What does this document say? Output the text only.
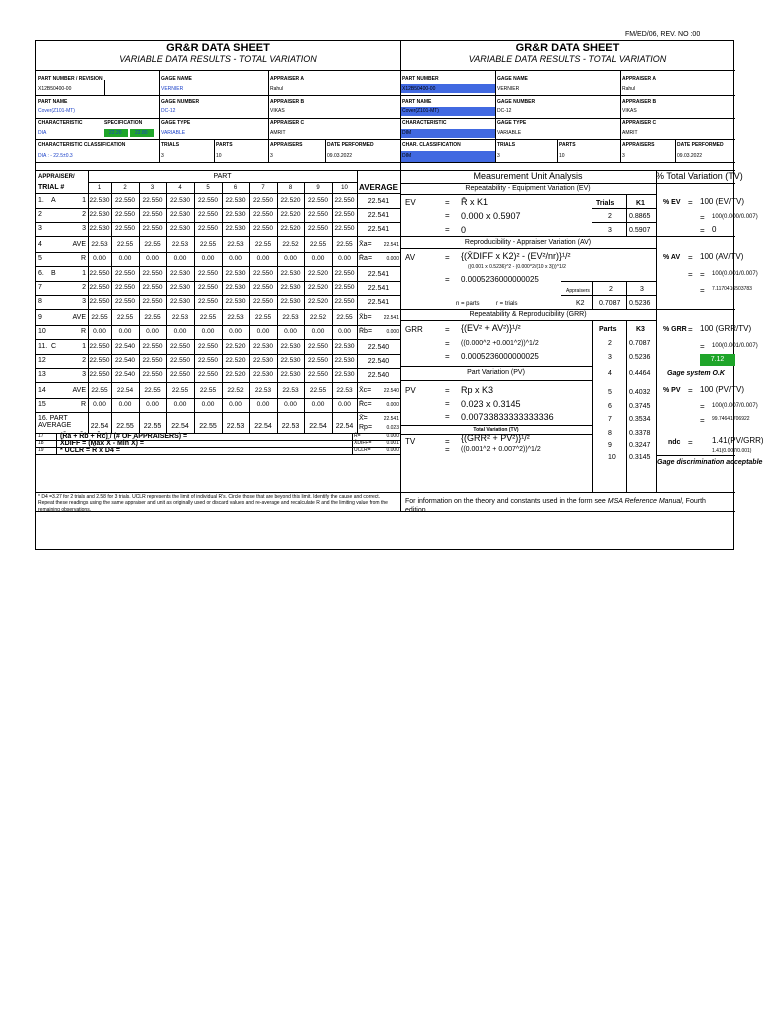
FM/ED/06, REV. NO :00
GR&R DATA SHEET
VARIABLE DATA RESULTS - TOTAL VARIATION
GR&R DATA SHEET
VARIABLE DATA RESULTS - TOTAL VARIATION
PART NUMBER / REVISION	GAGE NAME	APPRAISER A
X12B50400-00	VERNIER	Rahul
PART NAME	GAGE NUMBER	APPRAISER B
Cover(Z101-MT)	DC-12	VIKAS
CHARACTERISTIC	SPECIFICATION	GAGE TYPE	APPRAISER C
DIA	22.20	22.80	VARIABLE	AMRIT
CHARACTERISTIC CLASSIFICATION	TRIALS	PARTS	APPRAISERS	DATE PERFORMED
DIA : - 22.5±0.3	3	10	3	09.03.2022
PART NUMBER	GAGE NAME	APPRAISER A
X12B50400-00	VERNIER	Rahul
PART NAME	GAGE NUMBER	APPRAISER B
Cover(Z101-MT)	DC-12	VIKAS
CHARACTERISTIC	GAGE TYPE	APPRAISER C
DIM	VARIABLE	AMRIT
CHAR. CLASSIFICATION	TRIALS	PARTS	APPRAISERS	DATE PERFORMED
DIM	3	10	3	09.03.2022
APPRAISER/
TRIAL #
PART
AVERAGE
1	2	3	4	5	6	7	8	9	10
1. A	1 22.530 22.550	22.550	22.530	22.550	22.530	22.550	22.520	22.550	22.550	22.541
2	2 22.530 22.550	22.550	22.530	22.550	22.530	22.550	22.520	22.550	22.550	22.541
3	3 22.530 22.550	22.550	22.530	22.550	22.530	22.550	22.520	22.550	22.550	22.541
4	AVE 22.53	22.55	22.55	22.53	22.55	22.53	22.55	22.52	22.55	22.55 X̄a=	22.541
5	R	0.00	0.00	0.00	0.00	0.00	0.00	0.00	0.00	0.00	0.00	R̄a=	0.000
6. B	1 22.550 22.550	22.550	22.530	22.550	22.530	22.550	22.530	22.520	22.550	22.541
7	2 22.550 22.550	22.550	22.530	22.550	22.530	22.550	22.530	22.520	22.550	22.541
8	3 22.550 22.550	22.550	22.530	22.550	22.530	22.550	22.530	22.520	22.550	22.541
9	AVE 22.55	22.55	22.55	22.53	22.55	22.53	22.55	22.53	22.52	22.55 X̄b=	22.541
10	R	0.00	0.00	0.00	0.00	0.00	0.00	0.00	0.00	0.00	0.00	R̄b=	0.000
11. C	1 22.550 22.540	22.550	22.550	22.550	22.520	22.530	22.530	22.550	22.530	22.540
12	2 22.550 22.540	22.550	22.550	22.550	22.520	22.530	22.530	22.550	22.530	22.540
13	3 22.550 22.540	22.550	22.550	22.550	22.520	22.530	22.530	22.550	22.530	22.540
14	AVE 22.55	22.54	22.55	22.55	22.55	22.52	22.53	22.53	22.55	22.53 X̄c=	22.540
15	R	0.00	0.00	0.00	0.00	0.00	0.00	0.00	0.00	0.00	0.00	R̄c=	0.000
16. PART
AVERAGE	22.54	22.55	22.55	22.54	22.55	22.53	22.54	22.53	22.54	22.54
X̄̄=	22.541
Rp=	0.023
17 (R̄a + R̄b + R̄c) / (# OF APPRAISERS) =	R̄=	0.000
18 X̄DIFF = (Max X̄ - Min X̄) =	X̄DIFF=	0.001
19 * UCLR = R̄ x D4 =	UCLR=	0.000
Measurement Unit Analysis	% Total Variation (TV)
Repeatability - Equipment Variation (EV)
EV	R̄ x K1
0.000 x 0.5907
0
Trials	K1
2 0.8865
3 0.5907
% EV 100 (EV/TV)
100(0.000/0.007)
0
Reproducibility - Appraiser Variation (AV)
AV	{(X̄DIFF x K2)² - (EV²/nr)}¹/²
((0.001 x 0.5236)^2 - (0.000^2/(10 x 3)))^1/2
0.0005236000000025
Appraisers	2	3
K2 0.7087 0.5236
n = parts	r = trials
% AV 100 (AV/TV)
100(0.001/0.007)
7.1170416503783
Repeatability & Reproducibility (GRR)
GRR	{(EV² + AV²)}¹/²
((0.000^2 +0.001^2))^1/2
0.0005236000000025
Parts	K3
2 0.7087
3 0.5236
4 0.4464
5 0.4032
6 0.3745
7 0.3534
8 0.3378
9 0.3247
10 0.3145
% GRR 100 (GRR/TV)
100(0.001/0.007)
7.12
Gage system O.K
Part Variation (PV)
PV	Rp x K3
0.023 x 0.3145
0.00733833333333336
% PV 100 (PV/TV)
100(0.007/0.007)
99.74641706922
Total Variation (TV)
TV	{(GRR² + PV²)}¹/²
((0.001^2 + 0.007^2))^1/2
ndc	1.41(PV/GRR)
1.41(0.007/0.001)
Gage discrimination acceptable
=
=
=
=
=
=
=
=
=
=
=
=
=
=
=
=
=
=
=
=
=
=
=
=
=
=
* D4 =3.27 for 2 trials and 2.58 for 3 trials. UCLR represents the limit of individual R's. Circle those that are beyond this limit. Identify the cause and correct. Repeat these readings using the same appraiser and unit as originally used or discard values and re-average and recalculate R and the limiting value from the remaining observations.
For information on the theory and constants used in the form see MSA Reference Manual, Fourth edition.
